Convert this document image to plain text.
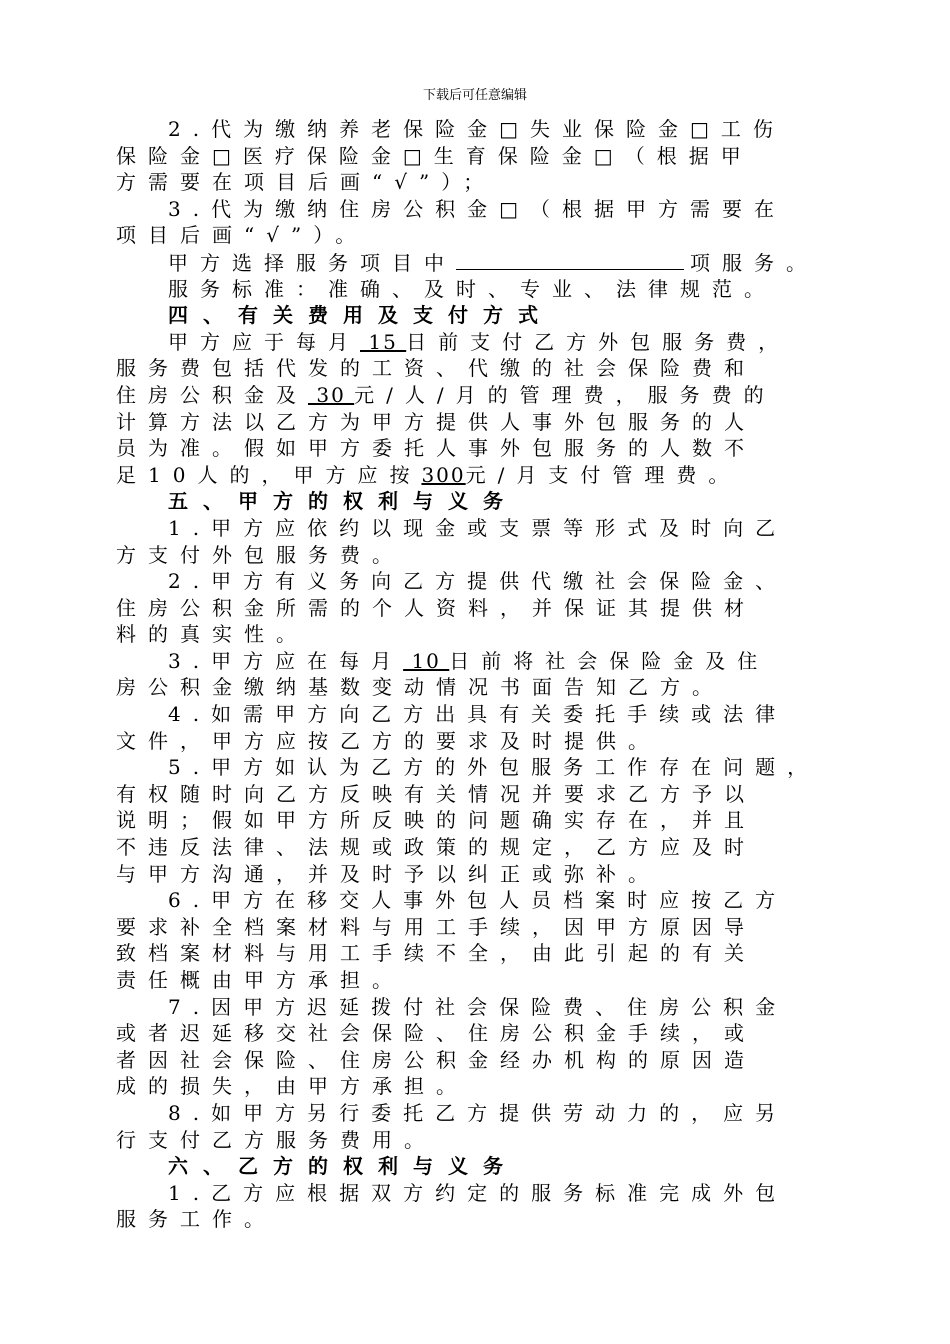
下载后可任意编辑
2.代为缴纳养老保险金□失业保险金□工伤
保险金□医疗保险金□生育保险金□（根据甲
方需要在项目后画“√”）；
3.代为缴纳住房公积金□（根据甲方需要在
项目后画“√”）。
甲方选择服务项目中	项服务。
服务标准：准确、及时、专业、法律规范。
四、有关费用及支付方式
甲方应于每月 15 日前支付乙方外包服务费，
服务费包括代发的工资、代缴的社会保险费和
住房公积金及 30 元/人/月的管理费，服务费的
计算方法以乙方为甲方提供人事外包服务的人
员为准。假如甲方委托人事外包服务的人数不
足10人的，甲方应按300元/月支付管理费。
五、甲方的权利与义务
1.甲方应依约以现金或支票等形式及时向乙
方支付外包服务费。
2.甲方有义务向乙方提供代缴社会保险金、
住房公积金所需的个人资料，并保证其提供材
料的真实性。
3.甲方应在每月 10 日前将社会保险金及住
房公积金缴纳基数变动情况书面告知乙方。
4.如需甲方向乙方出具有关委托手续或法律
文件，甲方应按乙方的要求及时提供。
5.甲方如认为乙方的外包服务工作存在问题，
有权随时向乙方反映有关情况并要求乙方予以
说明；假如甲方所反映的问题确实存在，并且
不违反法律、法规或政策的规定，乙方应及时
与甲方沟通，并及时予以纠正或弥补。
6.甲方在移交人事外包人员档案时应按乙方
要求补全档案材料与用工手续，因甲方原因导
致档案材料与用工手续不全，由此引起的有关
责任概由甲方承担。
7.因甲方迟延拨付社会保险费、住房公积金
或者迟延移交社会保险、住房公积金手续，或
者因社会保险、住房公积金经办机构的原因造
成的损失，由甲方承担。
8.如甲方另行委托乙方提供劳动力的，应另
行支付乙方服务费用。
六、乙方的权利与义务
1.乙方应根据双方约定的服务标准完成外包
服务工作。
